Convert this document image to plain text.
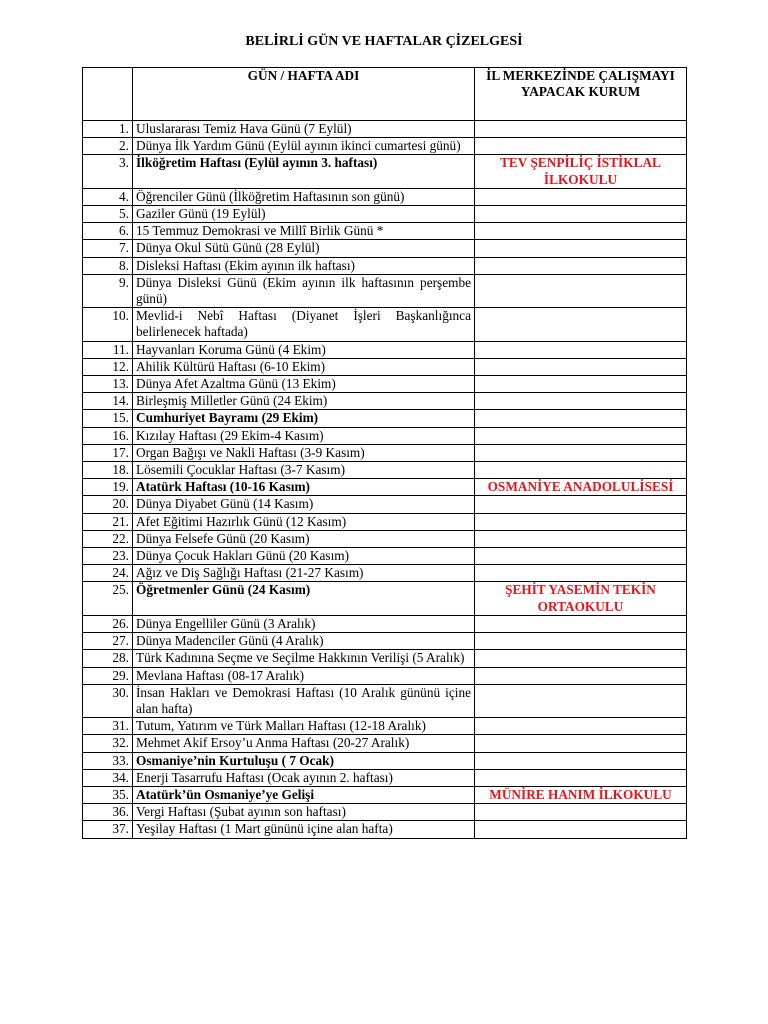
BELİRLİ GÜN VE HAFTALAR ÇİZELGESİ
	GÜN / HAFTA ADI	İL MERKEZİNDE ÇALIŞMAYI YAPACAK KURUM
1.	Uluslararası Temiz Hava Günü (7 Eylül)	
2.	Dünya İlk Yardım Günü (Eylül ayının ikinci cumartesi günü)	
3.	İlköğretim Haftası (Eylül ayının 3. haftası)	TEV ŞENPİLİÇ İSTİKLAL İLKOKULU
4.	Öğrenciler Günü (İlköğretim Haftasının son günü)	
5.	Gaziler Günü (19 Eylül)	
6.	15 Temmuz Demokrasi ve Millî Birlik Günü *	
7.	Dünya Okul Sütü Günü (28 Eylül)	
8.	Disleksi Haftası (Ekim ayının ilk haftası)	
9.	Dünya Disleksi Günü (Ekim ayının ilk haftasının perşembe günü)	
10.	Mevlid-i Nebî Haftası (Diyanet İşleri Başkanlığınca belirlenecek haftada)	
11.	Hayvanları Koruma Günü (4 Ekim)	
12.	Ahilik Kültürü Haftası (6-10 Ekim)	
13.	Dünya Afet Azaltma Günü (13 Ekim)	
14.	Birleşmiş Milletler Günü (24 Ekim)	
15.	Cumhuriyet Bayramı (29 Ekim)	
16.	Kızılay Haftası (29 Ekim-4 Kasım)	
17.	Organ Bağışı ve Nakli Haftası (3-9 Kasım)	
18.	Lösemili Çocuklar Haftası (3-7 Kasım)	
19.	Atatürk Haftası (10-16 Kasım)	OSMANİYE ANADOLULİSESİ
20.	Dünya Diyabet Günü (14 Kasım)	
21.	Afet Eğitimi Hazırlık Günü (12 Kasım)	
22.	Dünya Felsefe Günü (20 Kasım)	
23.	Dünya Çocuk Hakları Günü (20 Kasım)	
24.	Ağız ve Diş Sağlığı Haftası (21-27 Kasım)	
25.	Öğretmenler Günü (24 Kasım)	ŞEHİT YASEMİN TEKİN ORTAOKULU
26.	Dünya Engelliler Günü (3 Aralık)	
27.	Dünya Madenciler Günü (4 Aralık)	
28.	Türk Kadınına Seçme ve Seçilme Hakkının Verilişi (5 Aralık)	
29.	Mevlana Haftası (08-17 Aralık)	
30.	İnsan Hakları ve Demokrasi Haftası (10 Aralık gününü içine alan hafta)	
31.	Tutum, Yatırım ve Türk Malları Haftası (12-18 Aralık)	
32.	Mehmet Akif Ersoy’u Anma Haftası (20-27 Aralık)	
33.	Osmaniye’nin Kurtuluşu ( 7 Ocak)	
34.	Enerji Tasarrufu Haftası (Ocak ayının 2. haftası)	
35.	Atatürk’ün Osmaniye’ye Gelişi	MÜNİRE HANIM İLKOKULU
36.	Vergi Haftası (Şubat ayının son haftası)	
37.	Yeşilay Haftası (1 Mart gününü içine alan hafta)	
